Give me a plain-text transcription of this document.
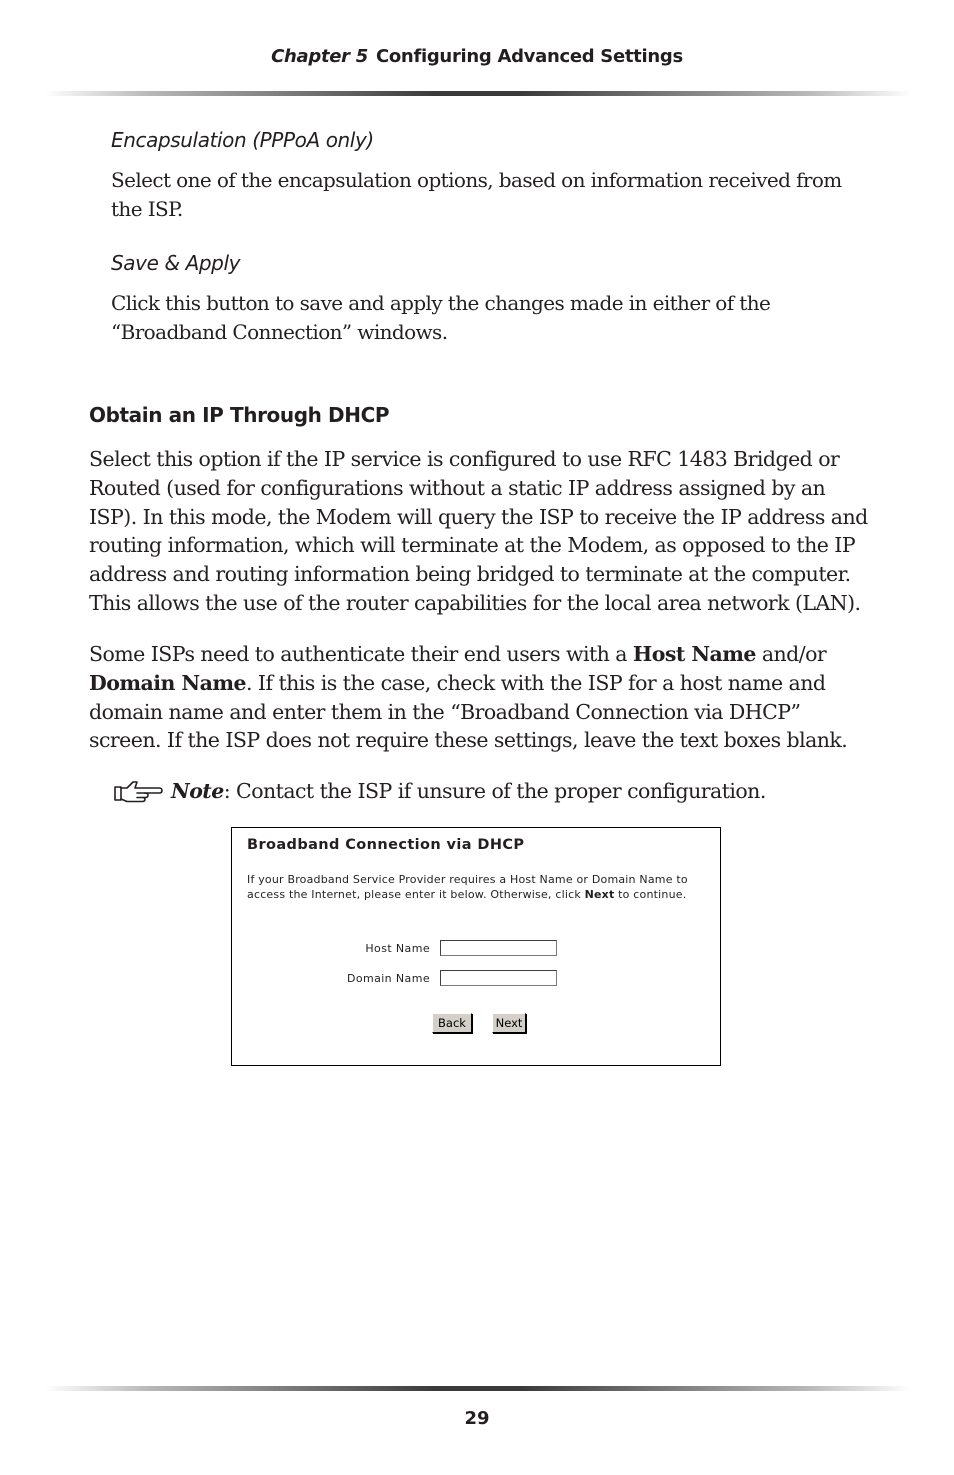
Chapter 5 Configuring Advanced Settings
Encapsulation (PPPoA only)

Select one of the encapsulation options, based on information received from the ISP.

Save & Apply

Click this button to save and apply the changes made in either of the “Broadband Connection” windows.

Obtain an IP Through DHCP

Select this option if the IP service is configured to use RFC 1483 Bridged or Routed (used for configurations without a static IP address assigned by an ISP). In this mode, the Modem will query the ISP to receive the IP address and routing information, which will terminate at the Modem, as opposed to the IP address and routing information being bridged to terminate at the computer. This allows the use of the router capabilities for the local area network (LAN).

Some ISPs need to authenticate their end users with a Host Name and/or Domain Name. If this is the case, check with the ISP for a host name and domain name and enter them in the “Broadband Connection via DHCP” screen. If the ISP does not require these settings, leave the text boxes blank.

Note: Contact the ISP if unsure of the proper configuration.
Broadband Connection via DHCP

If your Broadband Service Provider requires a Host Name or Domain Name to access the Internet, please enter it below. Otherwise, click Next to continue.

Host Name
Domain Name
Back	Next
29
